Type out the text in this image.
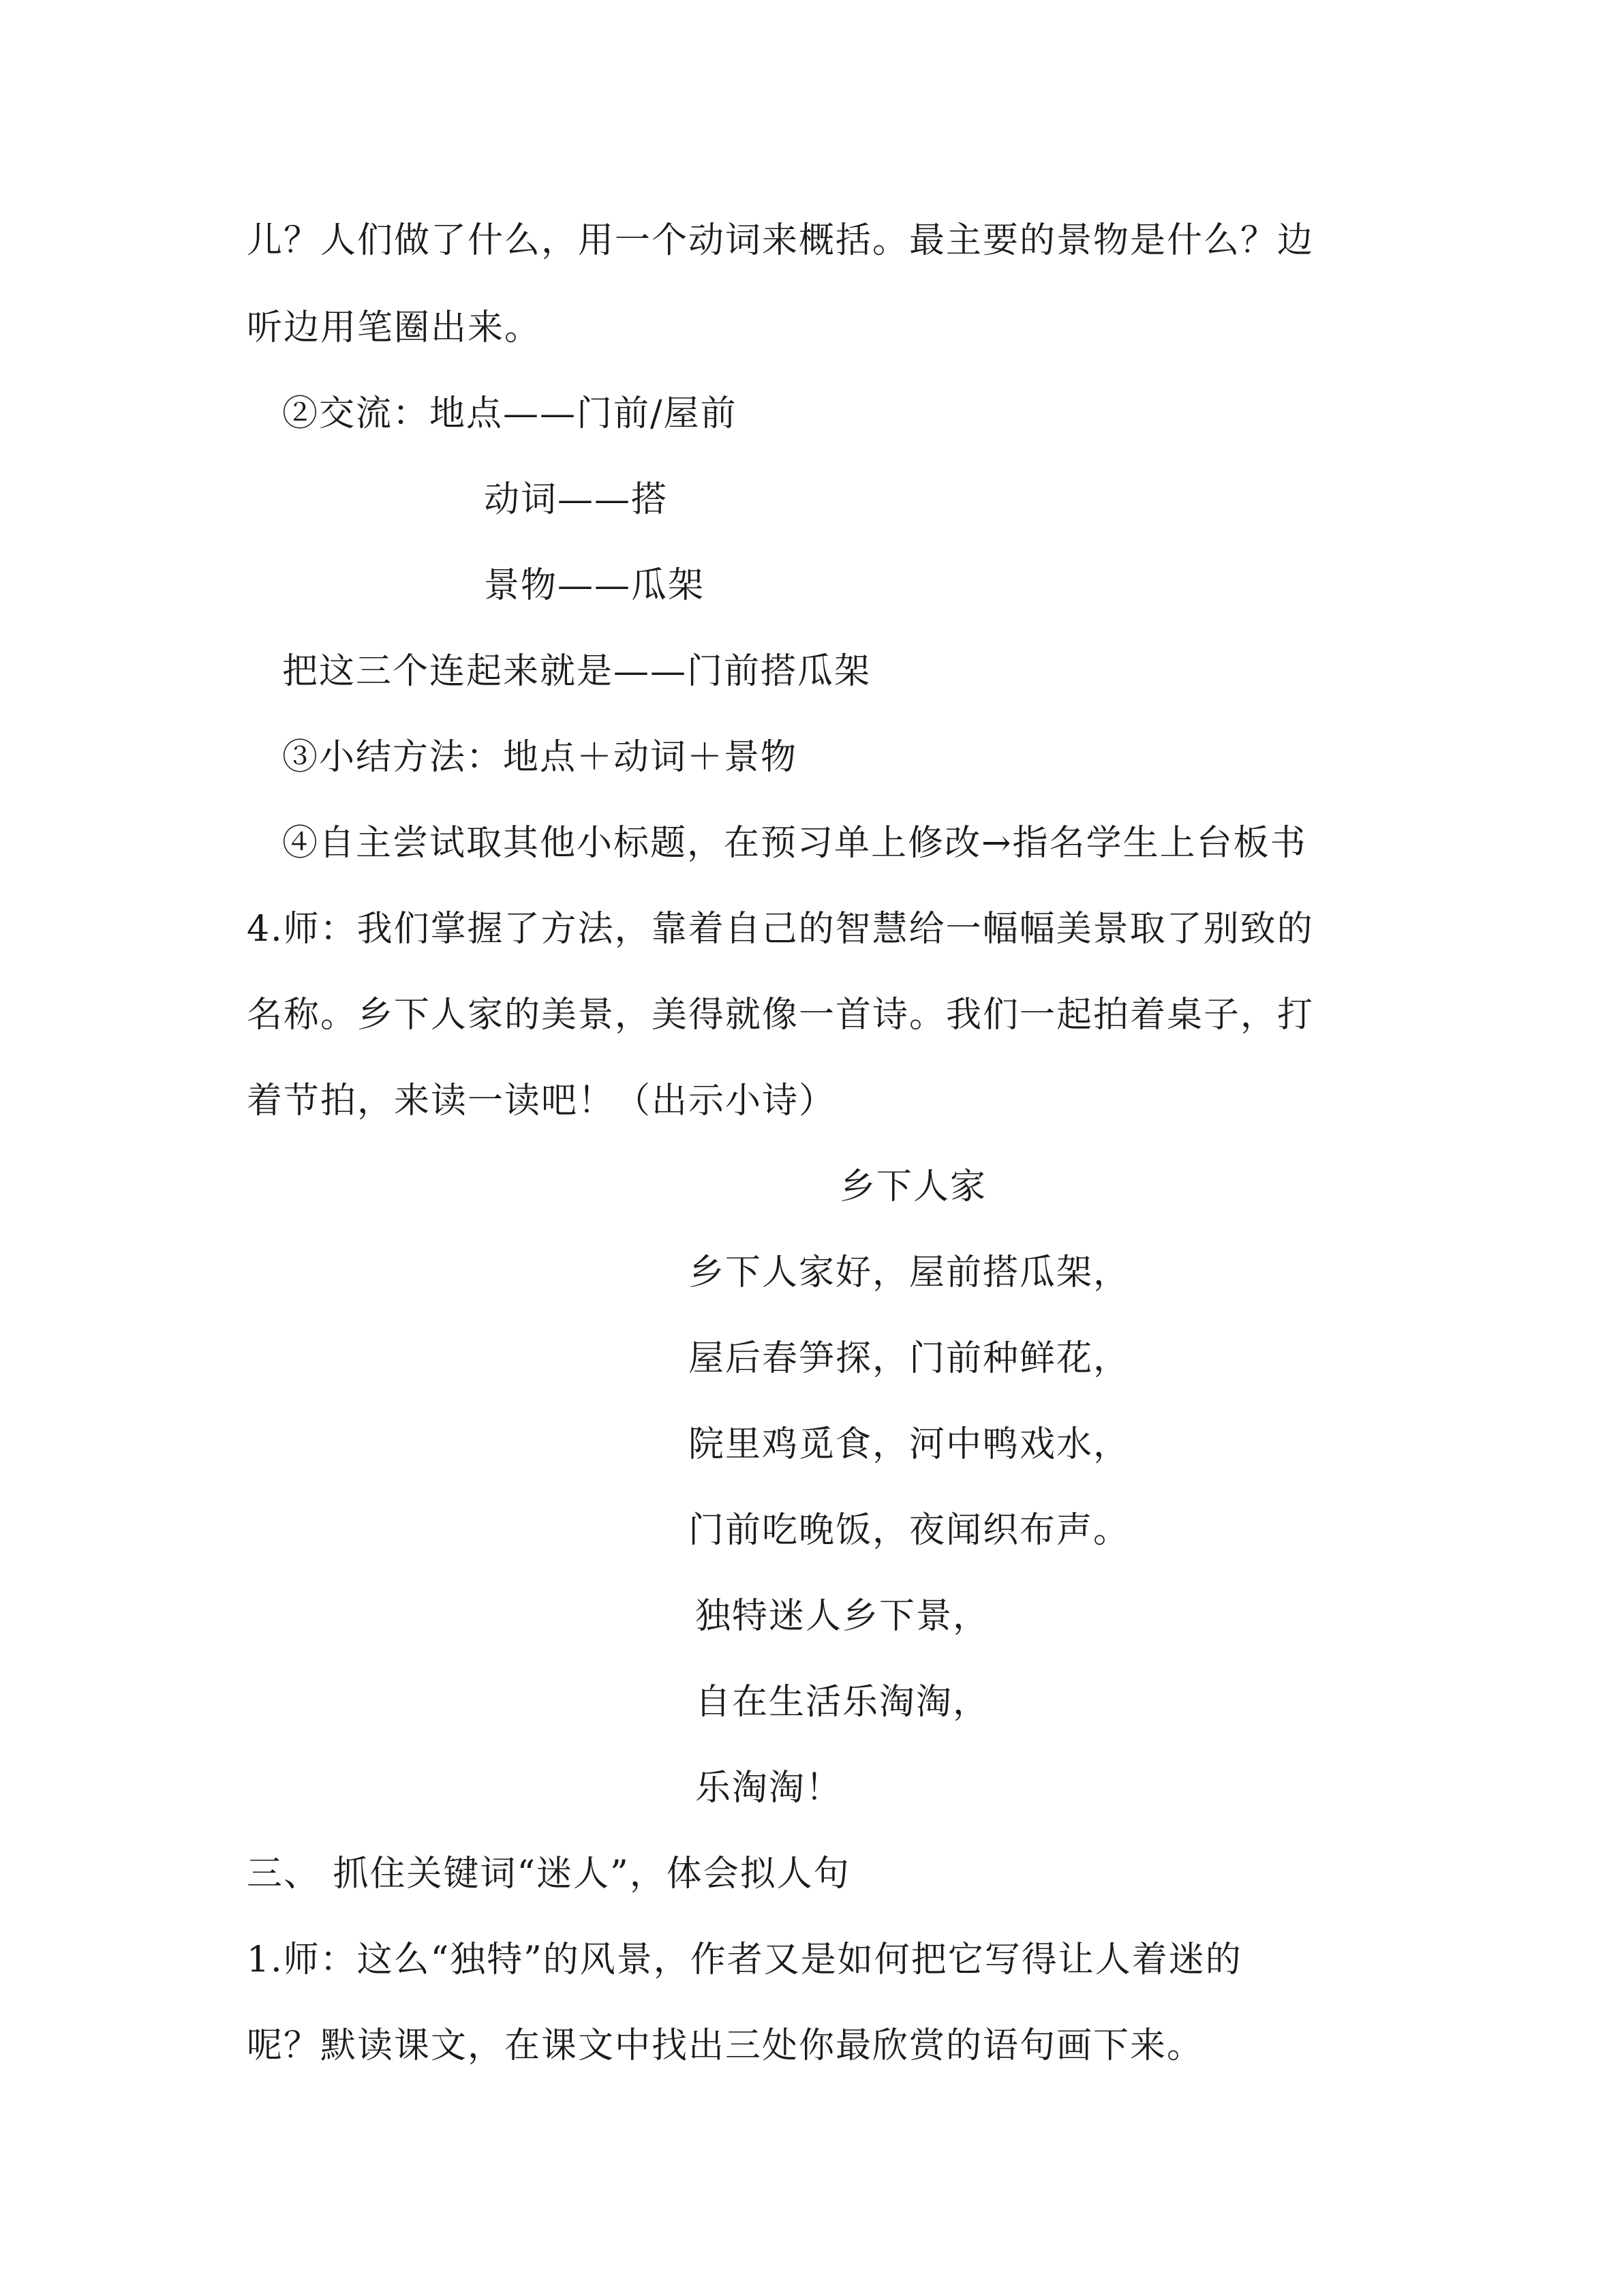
儿？人们做了什么，用一个动词来概括。最主要的景物是什么？边
听边用笔圈出来。
②交流：地点——门前/屋前
动词——搭
景物——瓜架
把这三个连起来就是——门前搭瓜架
③小结方法：地点＋动词＋景物
④自主尝试取其他小标题，在预习单上修改→指名学生上台板书
4.师：我们掌握了方法，靠着自己的智慧给一幅幅美景取了别致的
名称。乡下人家的美景，美得就像一首诗。我们一起拍着桌子，打
着节拍，来读一读吧！（出示小诗）
乡下人家
乡下人家好，屋前搭瓜架，
屋后春笋探，门前种鲜花，
院里鸡觅食，河中鸭戏水，
门前吃晚饭，夜闻织布声。
独特迷人乡下景，
自在生活乐淘淘，
乐淘淘！
三、 抓住关键词“迷人”，体会拟人句
1.师：这么“独特”的风景，作者又是如何把它写得让人着迷的
呢？默读课文，在课文中找出三处你最欣赏的语句画下来。
